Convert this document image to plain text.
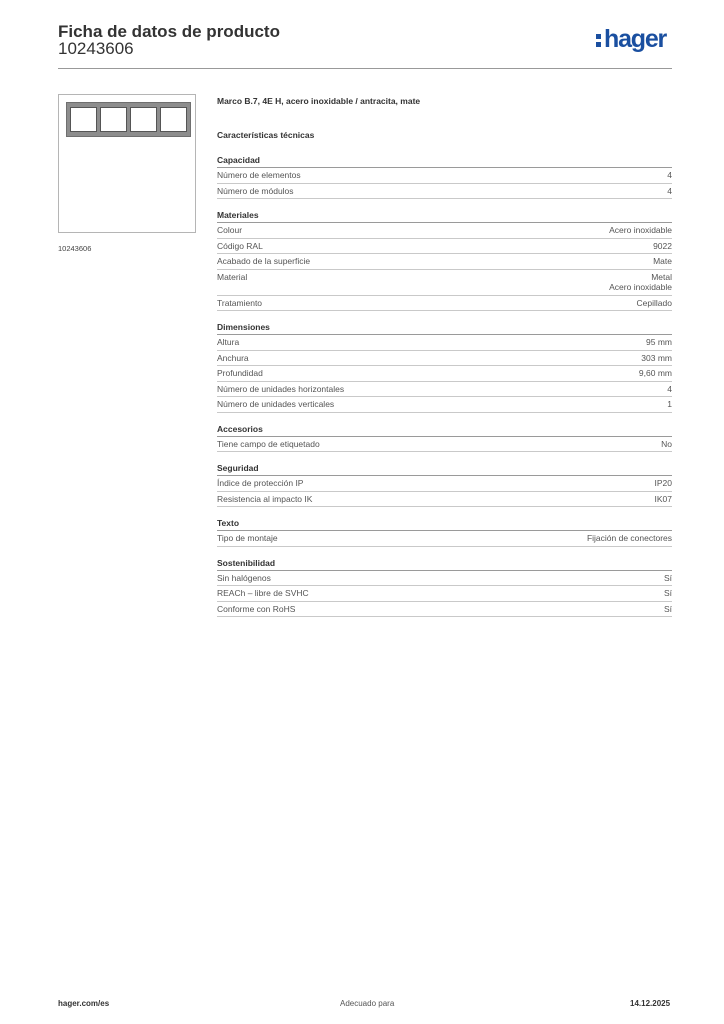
Ficha de datos de producto
10243606	hager
10243606
Marco B.7, 4E H, acero inoxidable / antracita, mate
Características técnicas
Capacidad
Número de elementos	4
Número de módulos	4
Materiales
Colour	Acero inoxidable
Código RAL	9022
Acabado de la superficie	Mate
Material	Metal
Acero inoxidable
Tratamiento	Cepillado
Dimensiones
Altura	95 mm
Anchura	303 mm
Profundidad	9,60 mm
Número de unidades horizontales	4
Número de unidades verticales	1
Accesorios
Tiene campo de etiquetado	No
Seguridad
Índice de protección IP	IP20
Resistencia al impacto IK	IK07
Texto
Tipo de montaje	Fijación de conectores
Sostenibilidad
Sin halógenos	Sí
REACh – libre de SVHC	Sí
Conforme con RoHS	Sí
hager.com/es	Adecuado para	14.12.2025
